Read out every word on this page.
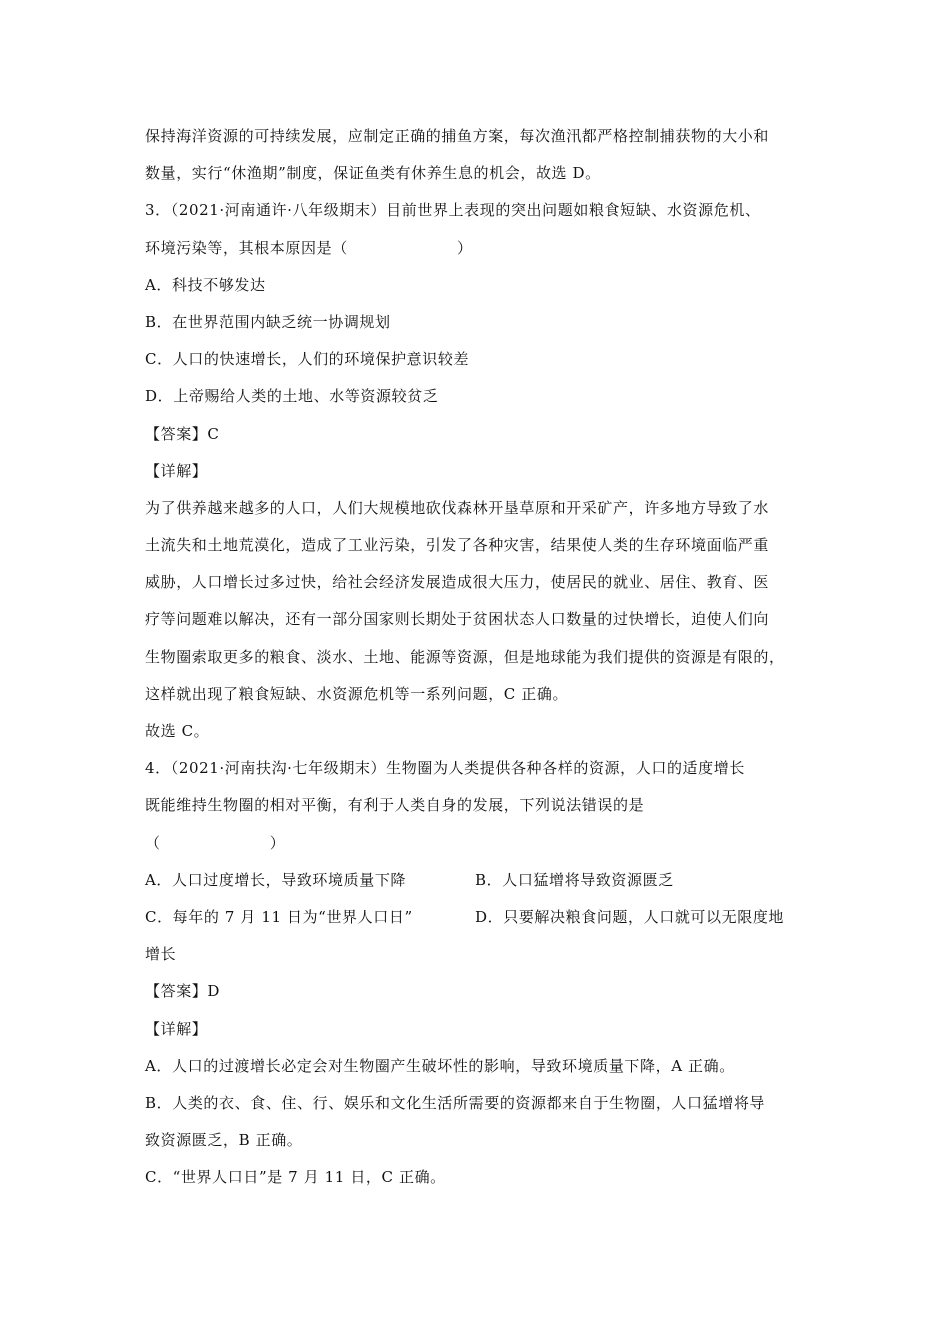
保持海洋资源的可持续发展，应制定正确的捕鱼方案，每次渔汛都严格控制捕获物的大小和
数量，实行“休渔期”制度，保证鱼类有休养生息的机会，故选 D。
3．（2021·河南通许·八年级期末）目前世界上表现的突出问题如粮食短缺、水资源危机、
环境污染等，其根本原因是（　　　　　　　）
A．科技不够发达
B．在世界范围内缺乏统一协调规划
C．人口的快速增长，人们的环境保护意识较差
D．上帝赐给人类的土地、水等资源较贫乏
【答案】C
【详解】
为了供养越来越多的人口，人们大规模地砍伐森林开垦草原和开采矿产，许多地方导致了水
土流失和土地荒漠化，造成了工业污染，引发了各种灾害，结果使人类的生存环境面临严重
威胁，人口增长过多过快，给社会经济发展造成很大压力，使居民的就业、居住、教育、医
疗等问题难以解决，还有一部分国家则长期处于贫困状态人口数量的过快增长，迫使人们向
生物圈索取更多的粮食、淡水、土地、能源等资源，但是地球能为我们提供的资源是有限的，
这样就出现了粮食短缺、水资源危机等一系列问题，C 正确。
故选 C。
4．（2021·河南扶沟·七年级期末）生物圈为人类提供各种各样的资源，人口的适度增长
既能维持生物圈的相对平衡，有利于人类自身的发展，下列说法错误的是
（　　　　　　　）
A．人口过度增长，导致环境质量下降	B．人口猛增将导致资源匮乏
C．每年的 7 月 11 日为“世界人口日”	D．只要解决粮食问题，人口就可以无限度地
增长
【答案】D
【详解】
A．人口的过渡增长必定会对生物圈产生破坏性的影响，导致环境质量下降，A 正确。
B．人类的衣、食、住、行、娱乐和文化生活所需要的资源都来自于生物圈，人口猛增将导
致资源匮乏，B 正确。
C．“世界人口日”是 7 月 11 日，C 正确。
